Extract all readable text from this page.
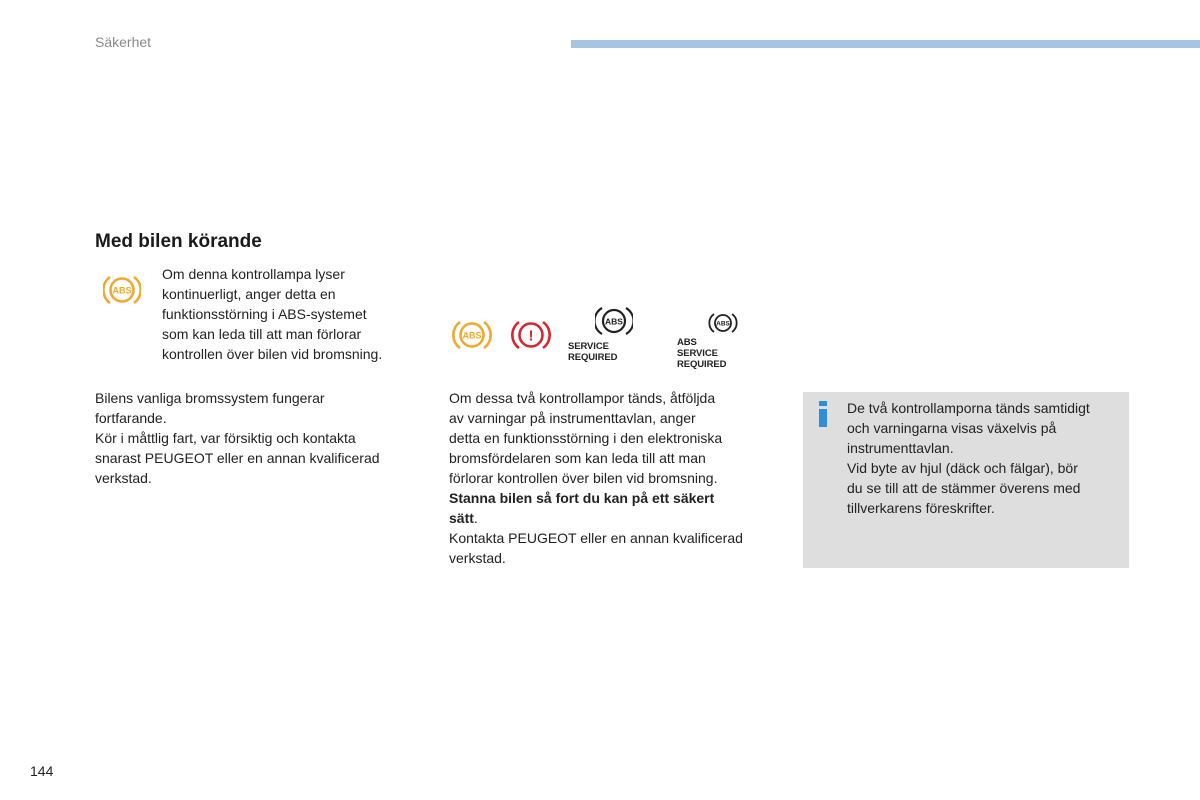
Säkerhet
Med bilen körande
ABS
Om denna kontrollampa lyser
kontinuerligt, anger detta en
funktionsstörning i ABS-systemet
som kan leda till att man förlorar
kontrollen över bilen vid bromsning.
Bilens vanliga bromssystem fungerar
fortfarande.
Kör i måttlig fart, var försiktig och kontakta
snarast PEUGEOT eller en annan kvalificerad
verkstad.
ABS	!
ABS
SERVICE REQUIRED
ABS
ABS
SERVICE REQUIRED
Om dessa två kontrollampor tänds, åtföljda
av varningar på instrumenttavlan, anger
detta en funktionsstörning i den elektroniska
bromsfördelaren som kan leda till att man
förlorar kontrollen över bilen vid bromsning.
Stanna bilen så fort du kan på ett säkert
sätt.
Kontakta PEUGEOT eller en annan kvalificerad
verkstad.
De två kontrollamporna tänds samtidigt
och varningarna visas växelvis på
instrumenttavlan.
Vid byte av hjul (däck och fälgar), bör
du se till att de stämmer överens med
tillverkarens föreskrifter.
144
